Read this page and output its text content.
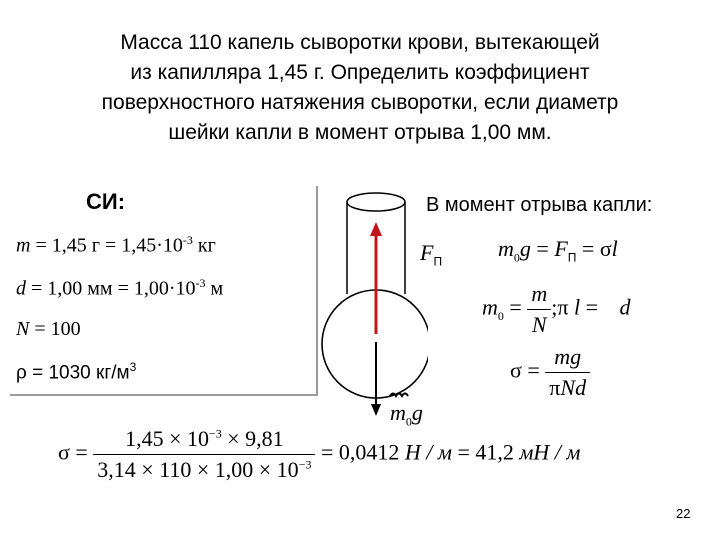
Масса 110 капель сыворотки крови, вытекающей
из капилляра 1,45 г. Определить коэффициент
поверхностного натяжения сыворотки, если диаметр
шейки капли в момент отрыва 1,00 мм.
СИ:
m = 1,45 $г = 1,45\cdot 10^{-3}$ кг
d = 1,00 мм = $1,00\cdot 10^{-3}$ м
N = 100
ρ = 1030 $кг/м^3$
$F_П$
$m_0g$
В момент отрыва капли:
$m_0g = F_П = \sigma l$
$m_0 = \frac{m}{N}$ ;π l = d
$\sigma = \frac{mg}{\text{πNd}}$
$\sigma = \frac{1,45 \times 10^{-3} \times 9,81}{3,14 \times 110 \times 1,00 \times 10^{-3}} = 0,0412$ Н / м = 41,2 мН / м
22
